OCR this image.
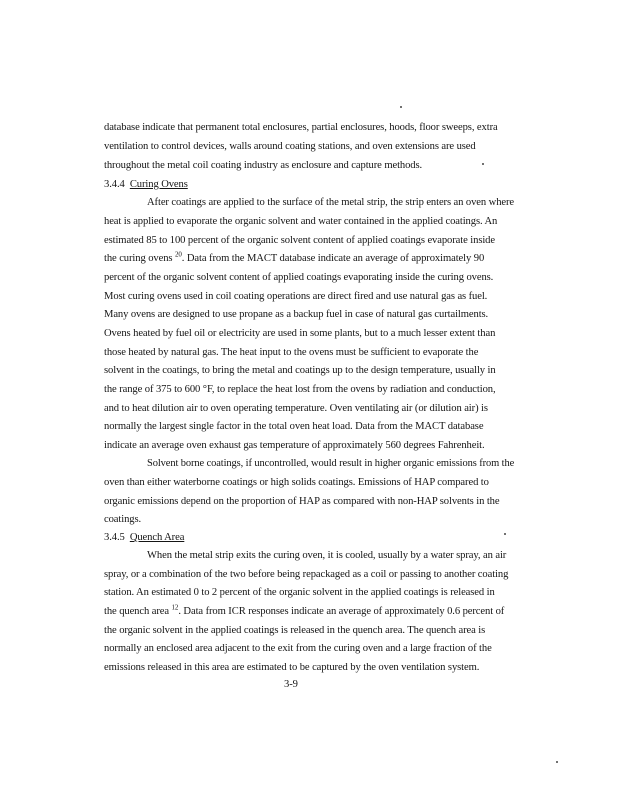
database indicate that permanent total enclosures, partial enclosures, hoods, floor sweeps, extra
ventilation to control devices, walls around coating stations, and oven extensions are used
throughout the metal coil coating industry as enclosure and capture methods.
3.4.4 Curing Ovens
After coatings are applied to the surface of the metal strip, the strip enters an oven where
heat is applied to evaporate the organic solvent and water contained in the applied coatings. An
estimated 85 to 100 percent of the organic solvent content of applied coatings evaporate inside
the curing ovens $^{20}$. Data from the MACT database indicate an average of approximately 90
percent of the organic solvent content of applied coatings evaporating inside the curing ovens.
Most curing ovens used in coil coating operations are direct fired and use natural gas as fuel.
Many ovens are designed to use propane as a backup fuel in case of natural gas curtailments.
Ovens heated by fuel oil or electricity are used in some plants, but to a much lesser extent than
those heated by natural gas. The heat input to the ovens must be sufficient to evaporate the
solvent in the coatings, to bring the metal and coatings up to the design temperature, usually in
the range of 375 to 600 °F, to replace the heat lost from the ovens by radiation and conduction,
and to heat dilution air to oven operating temperature. Oven ventilating air (or dilution air) is
normally the largest single factor in the total oven heat load. Data from the MACT database
indicate an average oven exhaust gas temperature of approximately 560 degrees Fahrenheit.
Solvent borne coatings, if uncontrolled, would result in higher organic emissions from the
oven than either waterborne coatings or high solids coatings. Emissions of HAP compared to
organic emissions depend on the proportion of HAP as compared with non-HAP solvents in the
coatings.
3.4.5 Quench Area
When the metal strip exits the curing oven, it is cooled, usually by a water spray, an air
spray, or a combination of the two before being repackaged as a coil or passing to another coating
station. An estimated 0 to 2 percent of the organic solvent in the applied coatings is released in
the quench area $^{12}$. Data from ICR responses indicate an average of approximately 0.6 percent of
the organic solvent in the applied coatings is released in the quench area. The quench area is
normally an enclosed area adjacent to the exit from the curing oven and a large fraction of the
emissions released in this area are estimated to be captured by the oven ventilation system.
3-9
